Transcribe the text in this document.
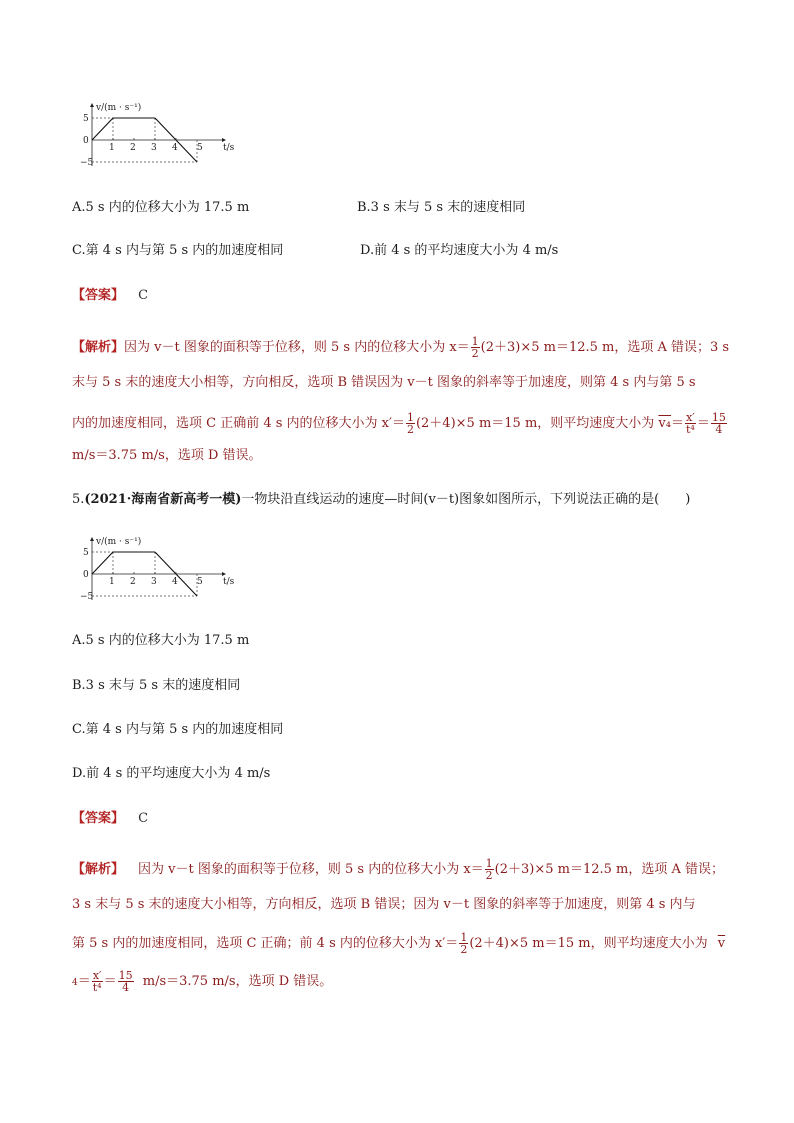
v/(m · s⁻¹)
t/s
5
0
−5
1 2 3 4 5
A.5 s 内的位移大小为 17.5 m	B.3 s 末与 5 s 末的速度相同
C.第 4 s 内与第 5 s 内的加速度相同	D.前 4 s 的平均速度大小为 4 m/s
【答案】 C
【解析】因为 v－t 图象的面积等于位移，则 5 s 内的位移大小为 $x= \frac{1}{2} (2+3)\times 5$ m＝12.5 m，选项 A 错误；3 s
末与 5 s 末的速度大小相等，方向相反，选项 B 错误因为 v－t 图象的斜率等于加速度，则第 4 s 内与第 5 s
内的加速度相同，选项 C 正确前 4 s 内的位移大小为 $x'= \frac{1}{2} (2+4)\times 5$ m＝15 m，则平均速度大小为 $v_4= \frac{x'}{\text{t⁴}} = \frac{15}{4}$
m/s＝3.75 m/s，选项 D 错误。
5.(2021·海南省新高考一模)一物块沿直线运动的速度—时间(v－t)图象如图所示，下列说法正确的是(　　)
v/(m · s⁻¹)
t/s
5
0
−5
1 2 3 4 5
A.5 s 内的位移大小为 17.5 m
B.3 s 末与 5 s 末的速度相同
C.第 4 s 内与第 5 s 内的加速度相同
D.前 4 s 的平均速度大小为 4 m/s
【答案】 C
【解析】 因为 v－t 图象的面积等于位移，则 5 s 内的位移大小为 $x= \frac{1}{2} (2+3)\times 5$ m＝12.5 m，选项 A 错误；
3 s 末与 5 s 末的速度大小相等，方向相反，选项 B 错误；因为 v－t 图象的斜率等于加速度，则第 4 s 内与
第 5 s 内的加速度相同，选项 C 正确；前 4 s 内的位移大小为 $x'= \frac{1}{2} (2+4)\times 5$ m＝15 m，则平均速度大小为 $\overline{v}$
$4= \frac{x'}{\text{t⁴}} = \frac{15}{4} m/s=3.75$ m/s，选项 D 错误。
